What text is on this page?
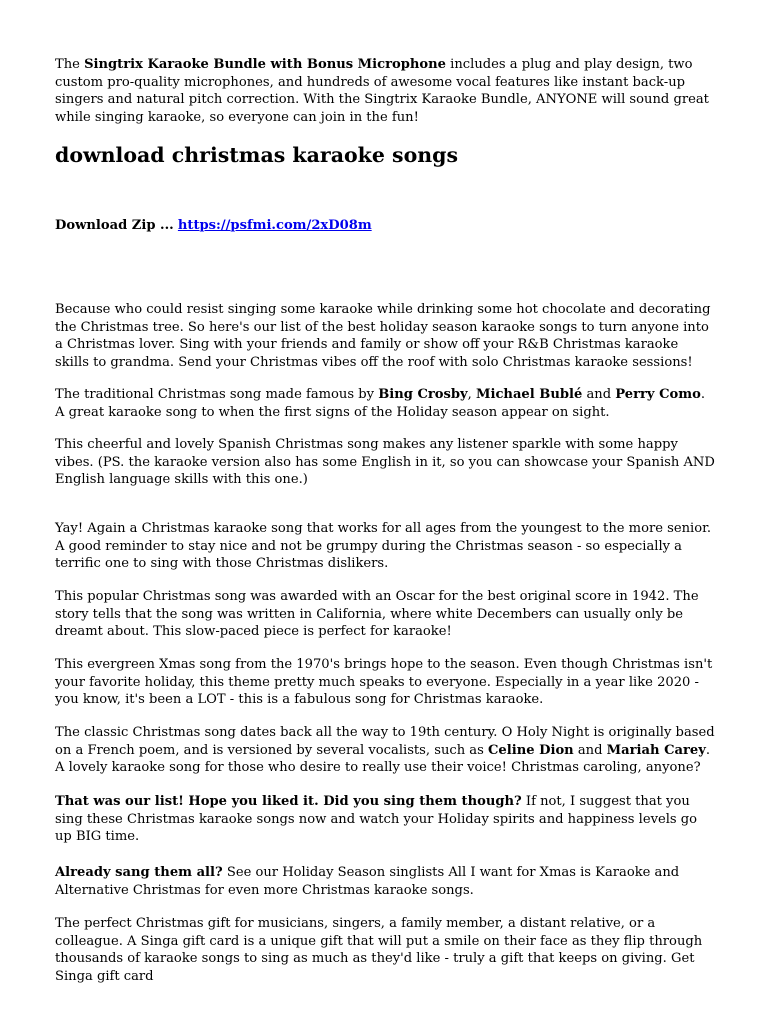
The Singtrix Karaoke Bundle with Bonus Microphone includes a plug and play design, two custom pro-quality microphones, and hundreds of awesome vocal features like instant back-up singers and natural pitch correction. With the Singtrix Karaoke Bundle, ANYONE will sound great while singing karaoke, so everyone can join in the fun!

download christmas karaoke songs

Download Zip ... https://psfmi.com/2xD08m

Because who could resist singing some karaoke while drinking some hot chocolate and decorating the Christmas tree. So here's our list of the best holiday season karaoke songs to turn anyone into a Christmas lover. Sing with your friends and family or show off your R&B Christmas karaoke skills to grandma. Send your Christmas vibes off the roof with solo Christmas karaoke sessions!

The traditional Christmas song made famous by Bing Crosby, Michael Bublé and Perry Como. A great karaoke song to when the first signs of the Holiday season appear on sight.

This cheerful and lovely Spanish Christmas song makes any listener sparkle with some happy vibes. (PS. the karaoke version also has some English in it, so you can showcase your Spanish AND English language skills with this one.)

Yay! Again a Christmas karaoke song that works for all ages from the youngest to the more senior. A good reminder to stay nice and not be grumpy during the Christmas season - so especially a terrific one to sing with those Christmas dislikers.

This popular Christmas song was awarded with an Oscar for the best original score in 1942. The story tells that the song was written in California, where white Decembers can usually only be dreamt about. This slow-paced piece is perfect for karaoke!

This evergreen Xmas song from the 1970's brings hope to the season. Even though Christmas isn't your favorite holiday, this theme pretty much speaks to everyone. Especially in a year like 2020 - you know, it's been a LOT - this is a fabulous song for Christmas karaoke.

The classic Christmas song dates back all the way to 19th century. O Holy Night is originally based on a French poem, and is versioned by several vocalists, such as Celine Dion and Mariah Carey. A lovely karaoke song for those who desire to really use their voice! Christmas caroling, anyone?

That was our list! Hope you liked it. Did you sing them though? If not, I suggest that you sing these Christmas karaoke songs now and watch your Holiday spirits and happiness levels go up BIG time.

Already sang them all? See our Holiday Season singlists All I want for Xmas is Karaoke and Alternative Christmas for even more Christmas karaoke songs.

The perfect Christmas gift for musicians, singers, a family member, a distant relative, or a colleague. A Singa gift card is a unique gift that will put a smile on their face as they flip through thousands of karaoke songs to sing as much as they'd like - truly a gift that keeps on giving. Get Singa gift card
